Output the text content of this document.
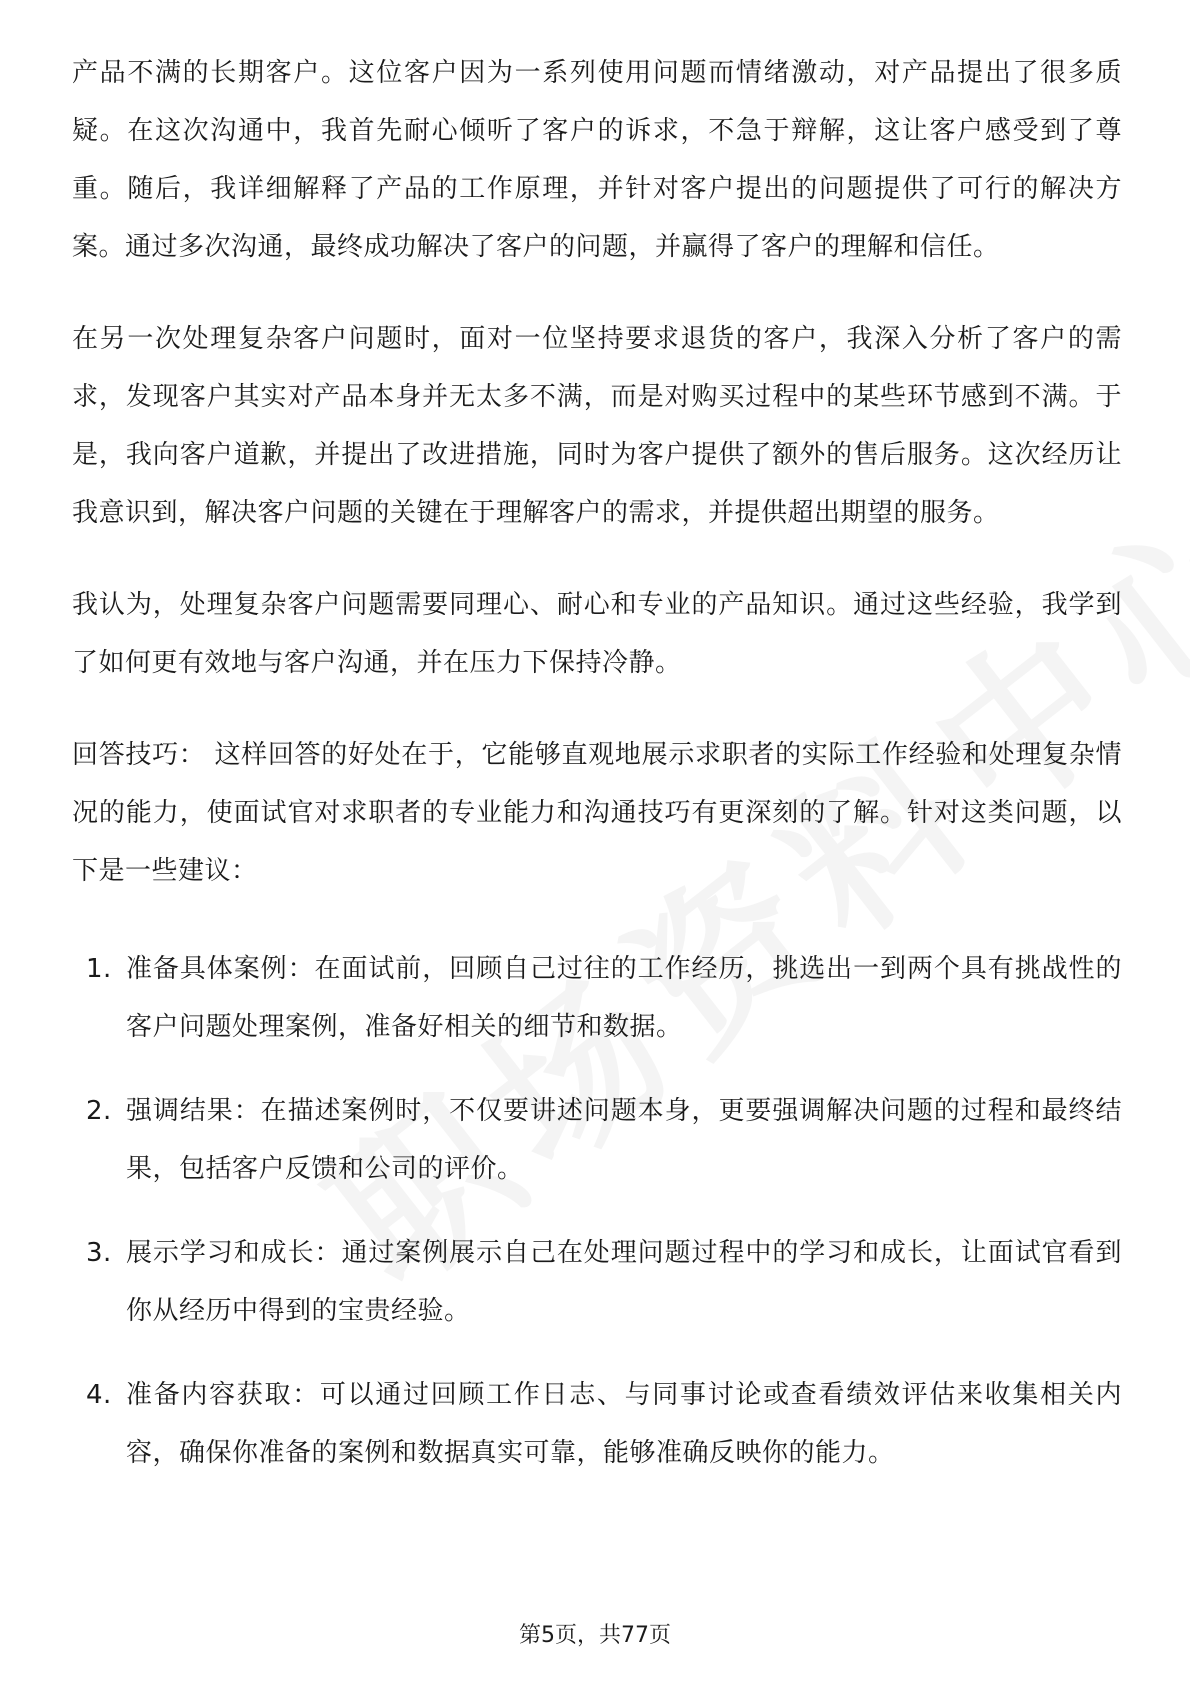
产品不满的长期客户。这位客户因为一系列使用问题而情绪激动，对产品提出了很多质疑。在这次沟通中，我首先耐心倾听了客户的诉求，不急于辩解，这让客户感受到了尊重。随后，我详细解释了产品的工作原理，并针对客户提出的问题提供了可行的解决方案。通过多次沟通，最终成功解决了客户的问题，并赢得了客户的理解和信任。

在另一次处理复杂客户问题时，面对一位坚持要求退货的客户，我深入分析了客户的需求，发现客户其实对产品本身并无太多不满，而是对购买过程中的某些环节感到不满。于是，我向客户道歉，并提出了改进措施，同时为客户提供了额外的售后服务。这次经历让我意识到，解决客户问题的关键在于理解客户的需求，并提供超出期望的服务。

我认为，处理复杂客户问题需要同理心、耐心和专业的产品知识。通过这些经验，我学到了如何更有效地与客户沟通，并在压力下保持冷静。

回答技巧： 这样回答的好处在于，它能够直观地展示求职者的实际工作经验和处理复杂情况的能力，使面试官对求职者的专业能力和沟通技巧有更深刻的了解。针对这类问题，以下是一些建议：

1. 准备具体案例：在面试前，回顾自己过往的工作经历，挑选出一到两个具有挑战性的客户问题处理案例，准备好相关的细节和数据。
2. 强调结果：在描述案例时，不仅要讲述问题本身，更要强调解决问题的过程和最终结果，包括客户反馈和公司的评价。
3. 展示学习和成长：通过案例展示自己在处理问题过程中的学习和成长，让面试官看到你从经历中得到的宝贵经验。
4. 准备内容获取：可以通过回顾工作日志、与同事讨论或查看绩效评估来收集相关内容，确保你准备的案例和数据真实可靠，能够准确反映你的能力。
第5页，共77页
